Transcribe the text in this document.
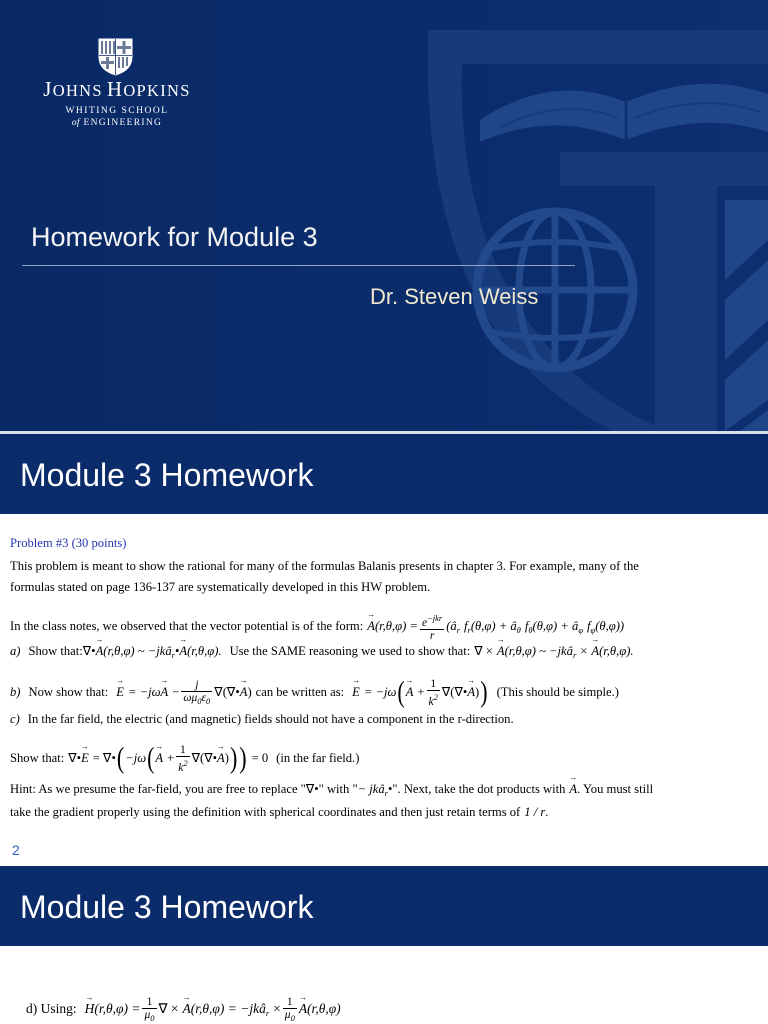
JOHNS HOPKINS
WHITING SCHOOL
of ENGINEERING
Homework for Module 3
Dr. Steven Weiss
Module 3 Homework
Problem #3 (30 points)
This problem is meant to show the rational for many of the formulas Balanis presents in chapter 3. For example, many of the
formulas stated on page 136-137 are systematically developed in this HW problem.
In the class notes, we observed that the vector potential is of the form: $A \to(r,\theta,\varphi) = e^{-jkr}$
r
($â_r$ $f_r(\theta,\varphi)$ + $â_\theta$ $f_\theta(\theta,\varphi)$ + $â_\varphi$ $f_\varphi(\theta,\varphi)$)
a) Show that:∇•A →(r,θ,φ) ~ −jkâ$_r$•A →(r,θ,φ). Use the SAME reasoning we used to show that: ∇ × A →(r,θ,φ) ~ −jkâ$_r$ × A →(r,θ,φ).
b) Now show that: E → = −jωA → − $\frac{j}{\omega\mu_0\varepsilon_0}$ ∇(∇•A →) can be written as: E → = −jω(A → + $\frac{1}{k^2}$ ∇(∇•A →)) (This should be simple.)
c) In the far field, the electric (and magnetic) fields should not have a component in the r-direction.
Show that: ∇•E → = ∇•(−jω(A → + $\frac{1}{k^2}$ ∇(∇•A →))) = 0 (in the far field.)
Hint: As we presume the far-field, you are free to replace "∇•" with "− jkâ$_r$•". Next, take the dot products with A →. You must still
take the gradient properly using the definition with spherical coordinates and then just retain terms of 1 / r.
2
Module 3 Homework
d) Using: $H \to(r,\theta,\varphi) = \frac{1}{\mu_0}$ ∇ × A →(r,θ,φ) = −jkâ$_r$ × $\frac{1}{\mu_0}$ A →(r,θ,φ)
